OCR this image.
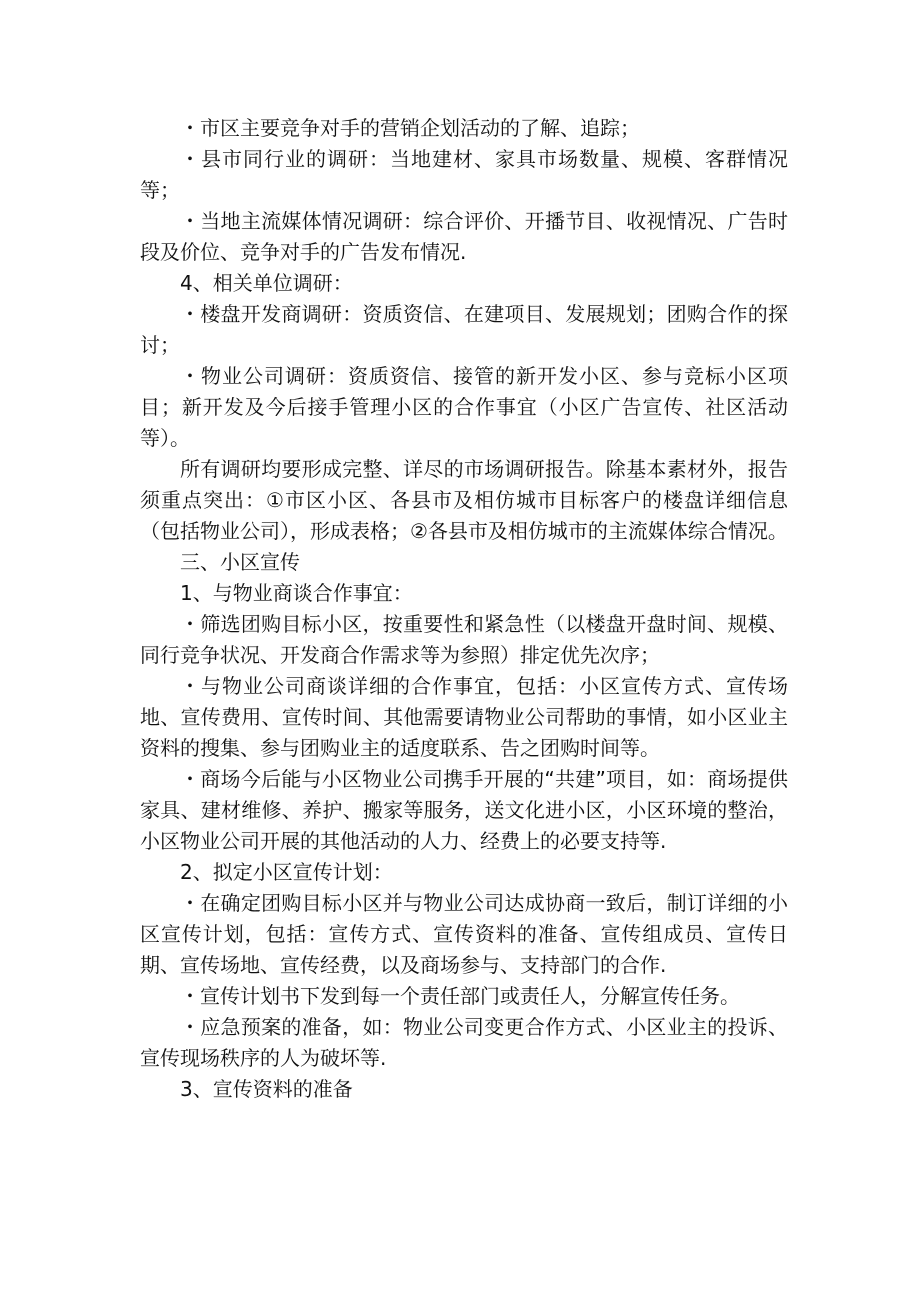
・市区主要竞争对手的营销企划活动的了解、追踪；

・县市同行业的调研：当地建材、家具市场数量、规模、客群情况等；

・当地主流媒体情况调研：综合评价、开播节目、收视情况、广告时段及价位、竞争对手的广告发布情况.

4、相关单位调研：

・楼盘开发商调研：资质资信、在建项目、发展规划；团购合作的探讨；

・物业公司调研：资质资信、接管的新开发小区、参与竞标小区项目；新开发及今后接手管理小区的合作事宜（小区广告宣传、社区活动等）。

所有调研均要形成完整、详尽的市场调研报告。除基本素材外，报告须重点突出：①市区小区、各县市及相仿城市目标客户的楼盘详细信息（包括物业公司），形成表格；②各县市及相仿城市的主流媒体综合情况。

三、小区宣传

1、与物业商谈合作事宜：

・筛选团购目标小区，按重要性和紧急性（以楼盘开盘时间、规模、同行竞争状况、开发商合作需求等为参照）排定优先次序；

・与物业公司商谈详细的合作事宜，包括：小区宣传方式、宣传场地、宣传费用、宣传时间、其他需要请物业公司帮助的事情，如小区业主资料的搜集、参与团购业主的适度联系、告之团购时间等。

・商场今后能与小区物业公司携手开展的“共建”项目，如：商场提供家具、建材维修、养护、搬家等服务，送文化进小区，小区环境的整治，小区物业公司开展的其他活动的人力、经费上的必要支持等.

2、拟定小区宣传计划：

・在确定团购目标小区并与物业公司达成协商一致后，制订详细的小区宣传计划，包括：宣传方式、宣传资料的准备、宣传组成员、宣传日期、宣传场地、宣传经费，以及商场参与、支持部门的合作.

・宣传计划书下发到每一个责任部门或责任人，分解宣传任务。

・应急预案的准备，如：物业公司变更合作方式、小区业主的投诉、宣传现场秩序的人为破坏等.

3、宣传资料的准备
